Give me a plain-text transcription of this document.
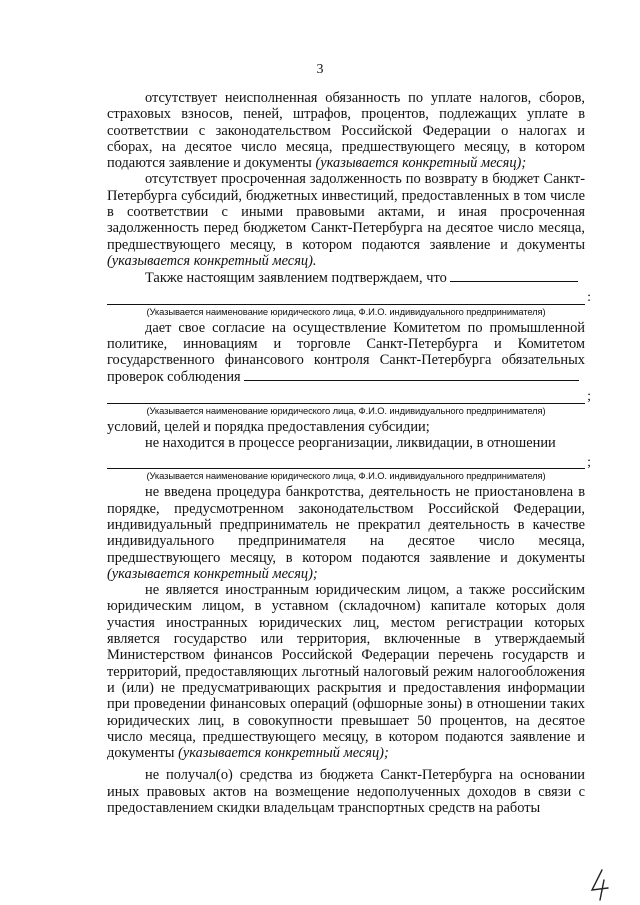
3

отсутствует неисполненная обязанность по уплате налогов, сборов, страховых взносов, пеней, штрафов, процентов, подлежащих уплате в соответствии с законодательством Российской Федерации о налогах и сборах, на десятое число месяца, предшествующего месяцу, в котором подаются заявление и документы (указывается конкретный месяц);

отсутствует просроченная задолженность по возврату в бюджет Санкт-Петербурга субсидий, бюджетных инвестиций, предоставленных в том числе в соответствии с иными правовыми актами, и иная просроченная задолженность перед бюджетом Санкт-Петербурга на десятое число месяца, предшествующего месяцу, в котором подаются заявление и документы (указывается конкретный месяц).

Также настоящим заявлением подтверждаем, что

:
(Указывается наименование юридического лица, Ф.И.О. индивидуального предпринимателя)

дает свое согласие на осуществление Комитетом по промышленной политике, инновациям и торговле Санкт-Петербурга и Комитетом государственного финансового контроля Санкт-Петербурга обязательных проверок соблюдения

;
(Указывается наименование юридического лица, Ф.И.О. индивидуального предпринимателя)

условий, целей и порядка предоставления субсидии;

не находится в процессе реорганизации, ликвидации, в отношении

;
(Указывается наименование юридического лица, Ф.И.О. индивидуального предпринимателя)

не введена процедура банкротства, деятельность не приостановлена в порядке, предусмотренном законодательством Российской Федерации, индивидуальный предприниматель не прекратил деятельность в качестве индивидуального предпринимателя на десятое число месяца, предшествующего месяцу, в котором подаются заявление и документы (указывается конкретный месяц);

не является иностранным юридическим лицом, а также российским юридическим лицом, в уставном (складочном) капитале которых доля участия иностранных юридических лиц, местом регистрации которых является государство или территория, включенные в утверждаемый Министерством финансов Российской Федерации перечень государств и территорий, предоставляющих льготный налоговый режим налогообложения и (или) не предусматривающих раскрытия и предоставления информации при проведении финансовых операций (офшорные зоны) в отношении таких юридических лиц, в совокупности превышает 50 процентов, на десятое число месяца, предшествующего месяцу, в котором подаются заявление и документы (указывается конкретный месяц);

не получал(о) средства из бюджета Санкт-Петербурга на основании иных правовых актов на возмещение недополученных доходов в связи с предоставлением скидки владельцам транспортных средств на работы
